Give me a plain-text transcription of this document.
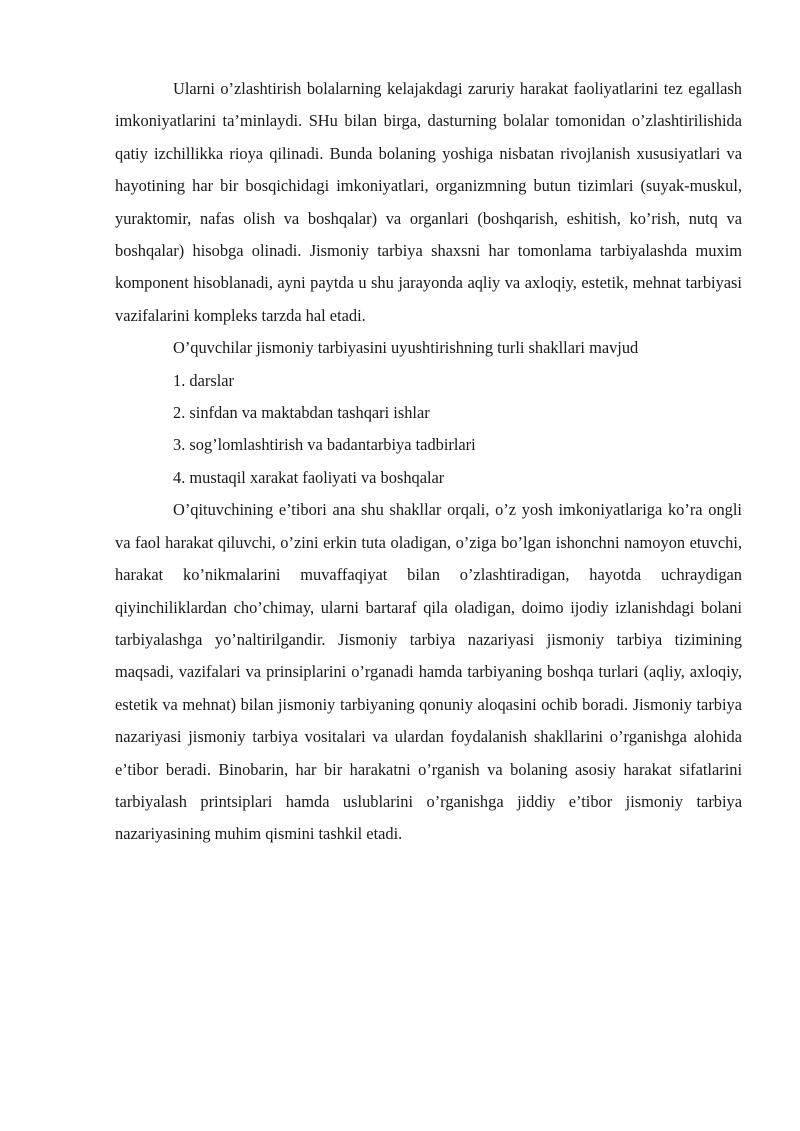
Ularni o’zlashtirish bolalarning kelajakdagi zaruriy harakat faoliyatlarini tez egallash imkoniyatlarini ta’minlaydi. SHu bilan birga, dasturning bolalar tomonidan o’zlashtirilishida qatiy izchillikka rioya qilinadi. Bunda bolaning yoshiga nisbatan rivojlanish xususiyatlari va hayotining har bir bosqichidagi imkoniyatlari, organizmning butun tizimlari (suyak-muskul, yuraktomir, nafas olish va boshqalar) va organlari (boshqarish, eshitish, ko’rish, nutq va boshqalar) hisobga olinadi. Jismoniy tarbiya shaxsni har tomonlama tarbiyalashda muxim komponent hisoblanadi, ayni paytda u shu jarayonda aqliy va axloqiy, estetik, mehnat tarbiyasi vazifalarini kompleks tarzda hal etadi.

O’quvchilar jismoniy tarbiyasini uyushtirishning turli shakllari mavjud

1. darslar

2. sinfdan va maktabdan tashqari ishlar

3. sog’lomlashtirish va badantarbiya tadbirlari

4. mustaqil xarakat faoliyati va boshqalar

O’qituvchining e’tibori ana shu shakllar orqali, o’z yosh imkoniyatlariga ko’ra ongli va faol harakat qiluvchi, o’zini erkin tuta oladigan, o’ziga bo’lgan ishonchni namoyon etuvchi, harakat ko’nikmalarini muvaffaqiyat bilan o’zlashtiradigan, hayotda uchraydigan qiyinchiliklardan cho’chimay, ularni bartaraf qila oladigan, doimo ijodiy izlanishdagi bolani tarbiyalashga yo’naltirilgandir. Jismoniy tarbiya nazariyasi jismoniy tarbiya tizimining maqsadi, vazifalari va prinsiplarini o’rganadi hamda tarbiyaning boshqa turlari (aqliy, axloqiy, estetik va mehnat) bilan jismoniy tarbiyaning qonuniy aloqasini ochib boradi. Jismoniy tarbiya nazariyasi jismoniy tarbiya vositalari va ulardan foydalanish shakllarini o’rganishga alohida e’tibor beradi. Binobarin, har bir harakatni o’rganish va bolaning asosiy harakat sifatlarini tarbiyalash printsiplari hamda uslublarini o’rganishga jiddiy e’tibor jismoniy tarbiya nazariyasining muhim qismini tashkil etadi.
